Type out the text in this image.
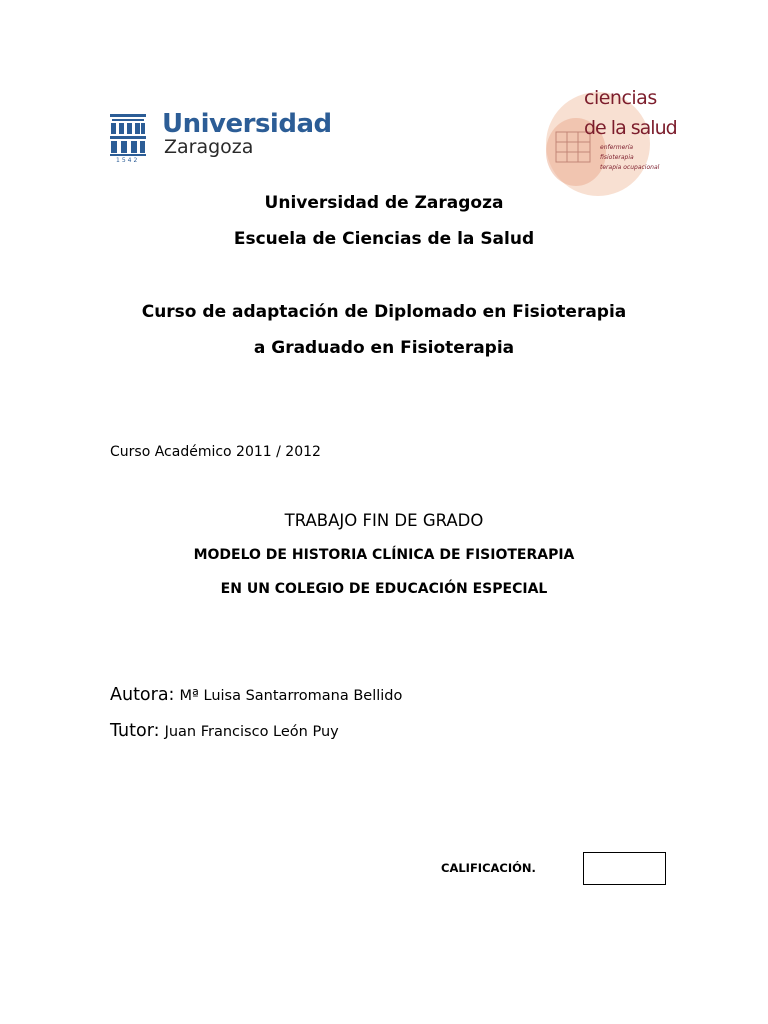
Universidad
Zaragoza
1542
ciencias
de la salud
enfermería
fisioterapia
terapia ocupacional
Universidad de Zaragoza
Escuela de Ciencias de la Salud
Curso de adaptación de Diplomado en Fisioterapia
a Graduado en Fisioterapia
Curso Académico 2011 / 2012
TRABAJO FIN DE GRADO
MODELO DE HISTORIA CLÍNICA DE FISIOTERAPIA
EN UN COLEGIO DE EDUCACIÓN ESPECIAL
Autora: Mª Luisa Santarromana Bellido
Tutor: Juan Francisco León Puy
CALIFICACIÓN.
